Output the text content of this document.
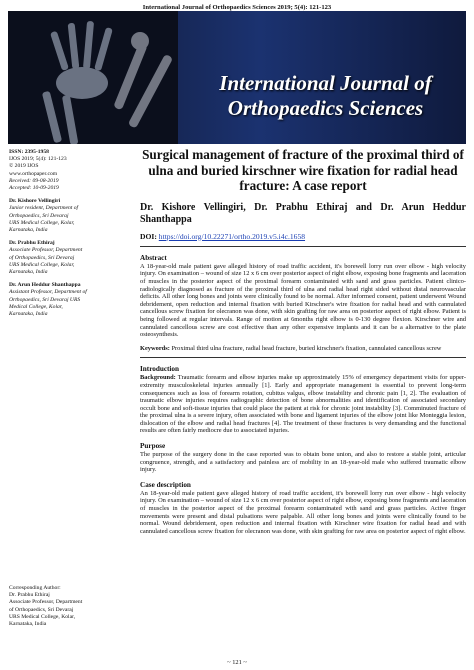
International Journal of Orthopaedics Sciences 2019; 5(4): 121-123
International Journal of
Orthopaedics Sciences
ISSN: 2395-1958
IJOS 2019; 5(4): 121-123
© 2019 IJOS
www.orthopaper.com
Received: 09-08-2019
Accepted: 10-09-2019
Dr. Kishore Vellingiri
Junior resident, Department of
Orthopaedics, Sri Devaraj
URS Medical College, Kolar,
Karnataka, India
Dr. Prabhu Ethiraj
Associate Professor, Department
of Orthopaedics, Sri Devaraj
URS Medical College, Kolar,
Karnataka, India
Dr. Arun Heddur Shanthappa
Assistant Professor, Department of
Orthopaedics, Sri Devaraj URS
Medical College, Kolar,
Karnataka, India
Corresponding Author:
Dr. Prabhu Ethiraj
Associate Professor, Department
of Orthopaedics, Sri Devaraj
URS Medical College, Kolar,
Karnataka, India
Surgical management of fracture of the proximal third of ulna and buried kirschner wire fixation for radial head fracture: A case report
Dr. Kishore Vellingiri, Dr. Prabhu Ethiraj and Dr. Arun Heddur Shanthappa
DOI: https://doi.org/10.22271/ortho.2019.v5.i4c.1658
Abstract

A 18-year-old male patient gave alleged history of road traffic accident, it's borewell lorry run over elbow - high velocity injury. On examination – wound of size 12 x 6 cm over posterior aspect of right elbow, exposing bone fragments and laceration of muscles in the posterior aspect of the proximal forearm contaminated with sand and grass particles. Patient clinico-radiologically diagnosed as fracture of the proximal third of ulna and radial head right sided without distal neurovascular deficits. All other long bones and joints were clinically found to be normal. After informed consent, patient underwent Wound debridement, open reduction and internal fixation with buried Kirschner's wire fixation for radial head and with cannulated cancellous screw fixation for olecranon was done, with skin grafting for raw area on posterior aspect of right elbow. Patient is being followed at regular intervals. Range of motion at 6months right elbow is 0-130 degree flexion. Kirschner wire and cannulated cancellous screw are cost effective than any other expensive implants and it can be a alternative to the plate osteosynthesis.

Keywords: Proximal third ulna fracture, radial head fracture, buried kirschner's fixation, cannulated cancellous screw
Introduction

Background: Traumatic forearm and elbow injuries make up approximately 15% of emergency department visits for upper-extremity musculoskeletal injuries annually [1]. Early and appropriate management is essential to prevent long-term consequences such as loss of forearm rotation, cubitus valgus, elbow instability and chronic pain [1, 2]. The evaluation of traumatic elbow injuries requires radiographic detection of bone abnormalities and identification of associated secondary occult bone and soft-tissue injuries that could place the patient at risk for chronic joint instability [3]. Comminuted fracture of the proximal ulna is a severe injury, often associated with bone and ligament injuries of the elbow joint like Monteggia lesion, dislocation of the elbow and radial head fractures [4]. The treatment of these fractures is very demanding and the functional results are often fairly mediocre due to associated injuries.

Purpose

The purpose of the surgery done in the case reported was to obtain bone union, and also to restore a stable joint, articular congruence, strength, and a satisfactory and painless arc of mobility in an 18-year-old male who suffered traumatic elbow injury.

Case description

An 18-year-old male patient gave alleged history of road traffic accident, it's borewell lorry run over elbow - high velocity injury. On examination – wound of size 12 x 6 cm over posterior aspect of right elbow, exposing bone fragments and laceration of muscles in the posterior aspect of the proximal forearm contaminated with sand and grass particles. Active finger movements were present and distal pulsations were palpable. All other long bones and joints were clinically found to be normal. Wound debridement, open reduction and internal fixation with Kirschner wire fixation for radial head and with cannulated cancellous screw fixation for olecranon was done, with skin grafting for raw area on posterior aspect of right elbow.

~ 121 ~
